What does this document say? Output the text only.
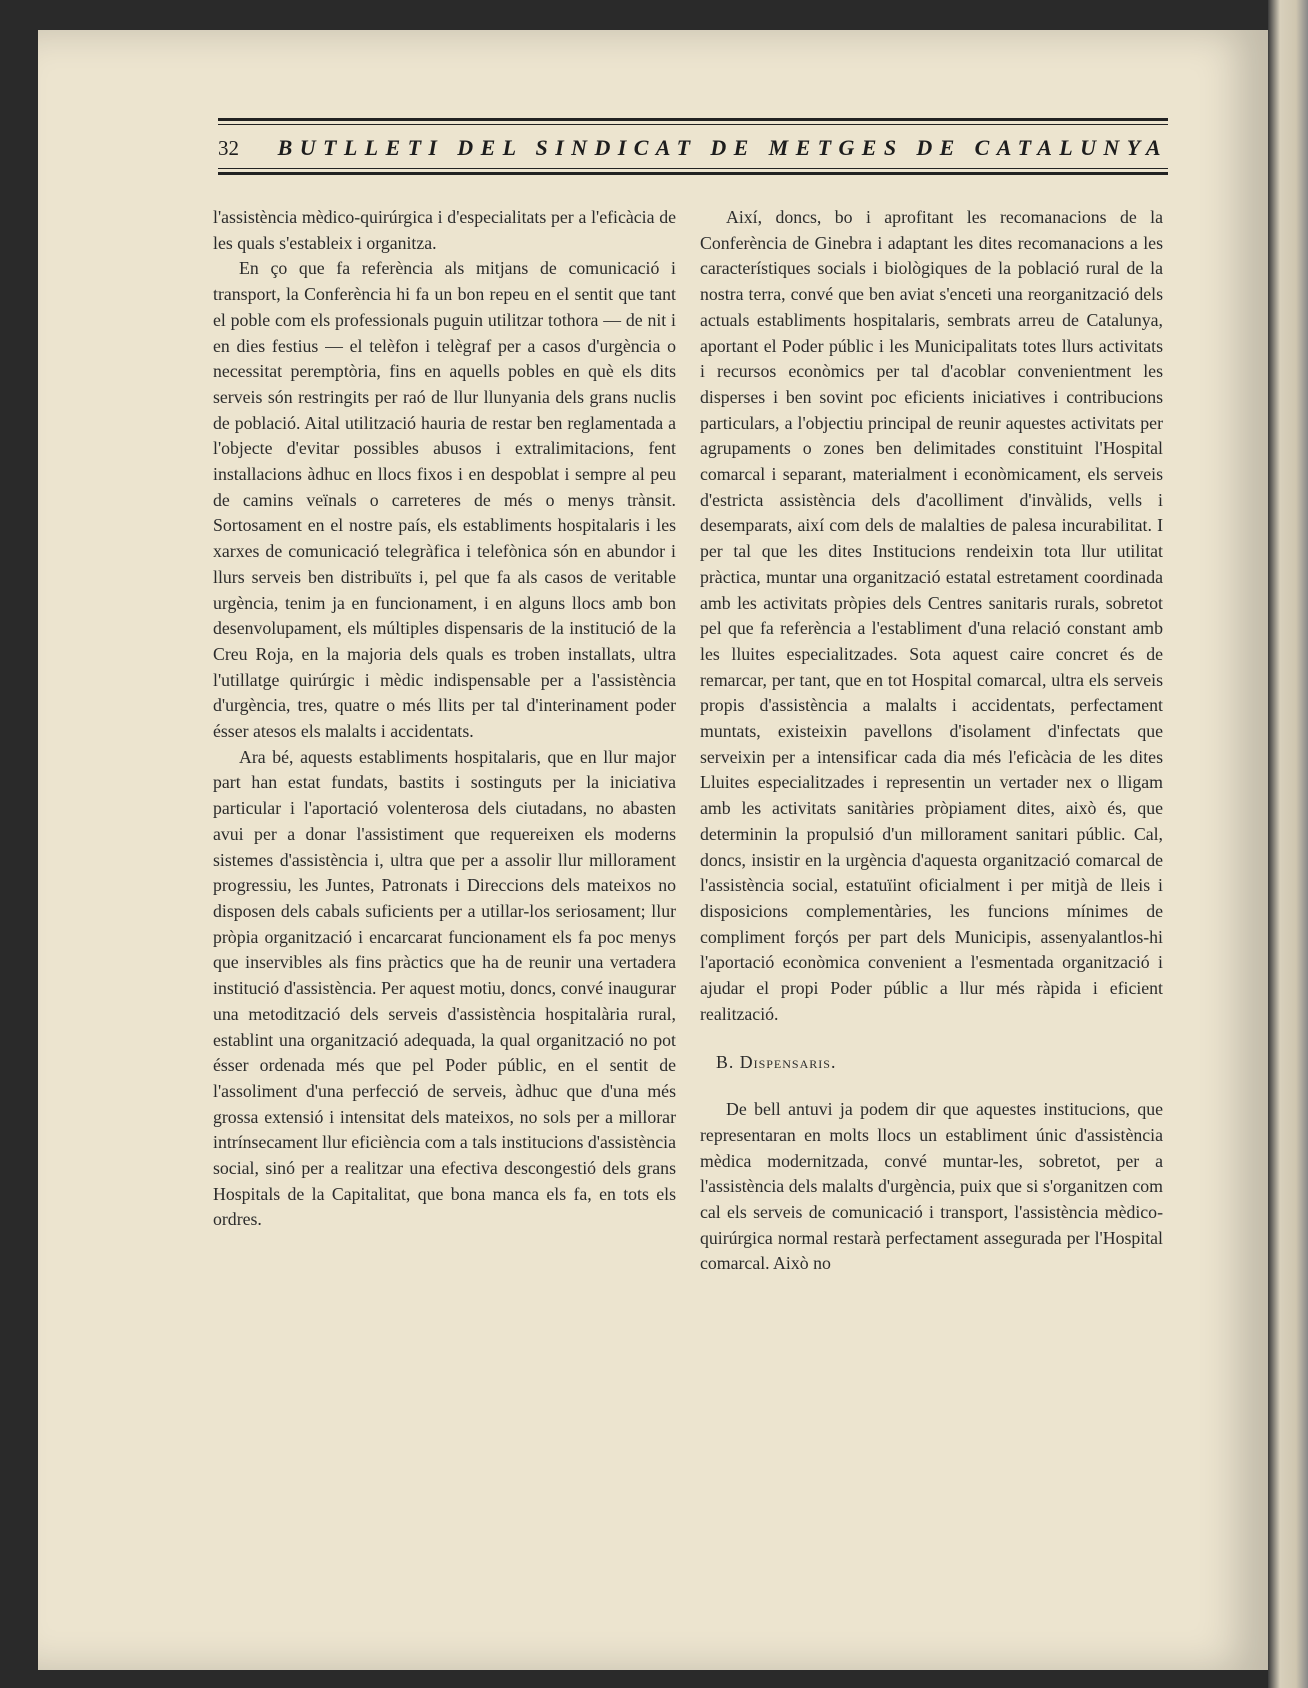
32	BUTLLETI DEL SINDICAT DE METGES DE CATALUNYA

l'assistència mèdico-quirúrgica i d'especialitats per a l'eficàcia de les quals s'estableix i organitza.

En ço que fa referència als mitjans de comunicació i transport, la Conferència hi fa un bon repeu en el sentit que tant el poble com els professionals puguin utilitzar tothora — de nit i en dies festius — el telèfon i telègraf per a casos d'urgència o necessitat peremptòria, fins en aquells pobles en què els dits serveis són restringits per raó de llur llunyania dels grans nuclis de població. Aital utilització hauria de restar ben reglamentada a l'objecte d'evitar possibles abusos i extralimitacions, fent installacions àdhuc en llocs fixos i en despoblat i sempre al peu de camins veïnals o carreteres de més o menys trànsit. Sortosament en el nostre país, els establiments hospitalaris i les xarxes de comunicació telegràfica i telefònica són en abundor i llurs serveis ben distribuïts i, pel que fa als casos de veritable urgència, tenim ja en funcionament, i en alguns llocs amb bon desenvolupament, els múltiples dispensaris de la institució de la Creu Roja, en la majoria dels quals es troben installats, ultra l'utillatge quirúrgic i mèdic indispensable per a l'assistència d'urgència, tres, quatre o més llits per tal d'interinament poder ésser atesos els malalts i accidentats.

Ara bé, aquests establiments hospitalaris, que en llur major part han estat fundats, bastits i sostinguts per la iniciativa particular i l'aportació volenterosa dels ciutadans, no abasten avui per a donar l'assistiment que requereixen els moderns sistemes d'assistència i, ultra que per a assolir llur millorament progressiu, les Juntes, Patronats i Direccions dels mateixos no disposen dels cabals suficients per a utillar-los seriosament; llur pròpia organització i encarcarat funcionament els fa poc menys que inservibles als fins pràctics que ha de reunir una vertadera institució d'assistència. Per aquest motiu, doncs, convé inaugurar una metodització dels serveis d'assistència hospitalària rural, establint una organització adequada, la qual organització no pot ésser ordenada més que pel Poder públic, en el sentit de l'assoliment d'una perfecció de serveis, àdhuc que d'una més grossa extensió i intensitat dels mateixos, no sols per a millorar intrínsecament llur eficiència com a tals institucions d'assistència social, sinó per a realitzar una efectiva descongestió dels grans Hospitals de la Capitalitat, que bona manca els fa, en tots els ordres.

Així, doncs, bo i aprofitant les recomanacions de la Conferència de Ginebra i adaptant les dites recomanacions a les característiques socials i biològiques de la població rural de la nostra terra, convé que ben aviat s'enceti una reorganització dels actuals establiments hospitalaris, sembrats arreu de Catalunya, aportant el Poder públic i les Municipalitats totes llurs activitats i recursos econòmics per tal d'acoblar convenientment les disperses i ben sovint poc eficients iniciatives i contribucions particulars, a l'objectiu principal de reunir aquestes activitats per agrupaments o zones ben delimitades constituint l'Hospital comarcal i separant, materialment i econòmicament, els serveis d'estricta assistència dels d'acolliment d'invàlids, vells i desemparats, així com dels de malalties de palesa incurabilitat. I per tal que les dites Institucions rendeixin tota llur utilitat pràctica, muntar una organització estatal estretament coordinada amb les activitats pròpies dels Centres sanitaris rurals, sobretot pel que fa referència a l'establiment d'una relació constant amb les lluites especialitzades. Sota aquest caire concret és de remarcar, per tant, que en tot Hospital comarcal, ultra els serveis propis d'assistència a malalts i accidentats, perfectament muntats, existeixin pavellons d'isolament d'infectats que serveixin per a intensificar cada dia més l'eficàcia de les dites Lluites especialitzades i representin un vertader nex o lligam amb les activitats sanitàries pròpiament dites, això és, que determinin la propulsió d'un millorament sanitari públic. Cal, doncs, insistir en la urgència d'aquesta organització comarcal de l'assistència social, estatuïint oficialment i per mitjà de lleis i disposicions complementàries, les funcions mínimes de compliment forçós per part dels Municipis, assenyalantlos-hi l'aportació econòmica convenient a l'esmentada organització i ajudar el propi Poder públic a llur més ràpida i eficient realització.

B. Dispensaris.

De bell antuvi ja podem dir que aquestes institucions, que representaran en molts llocs un establiment únic d'assistència mèdica modernitzada, convé muntar-les, sobretot, per a l'assistència dels malalts d'urgència, puix que si s'organitzen com cal els serveis de comunicació i transport, l'assistència mèdico-quirúrgica normal restarà perfectament assegurada per l'Hospital comarcal. Això no
